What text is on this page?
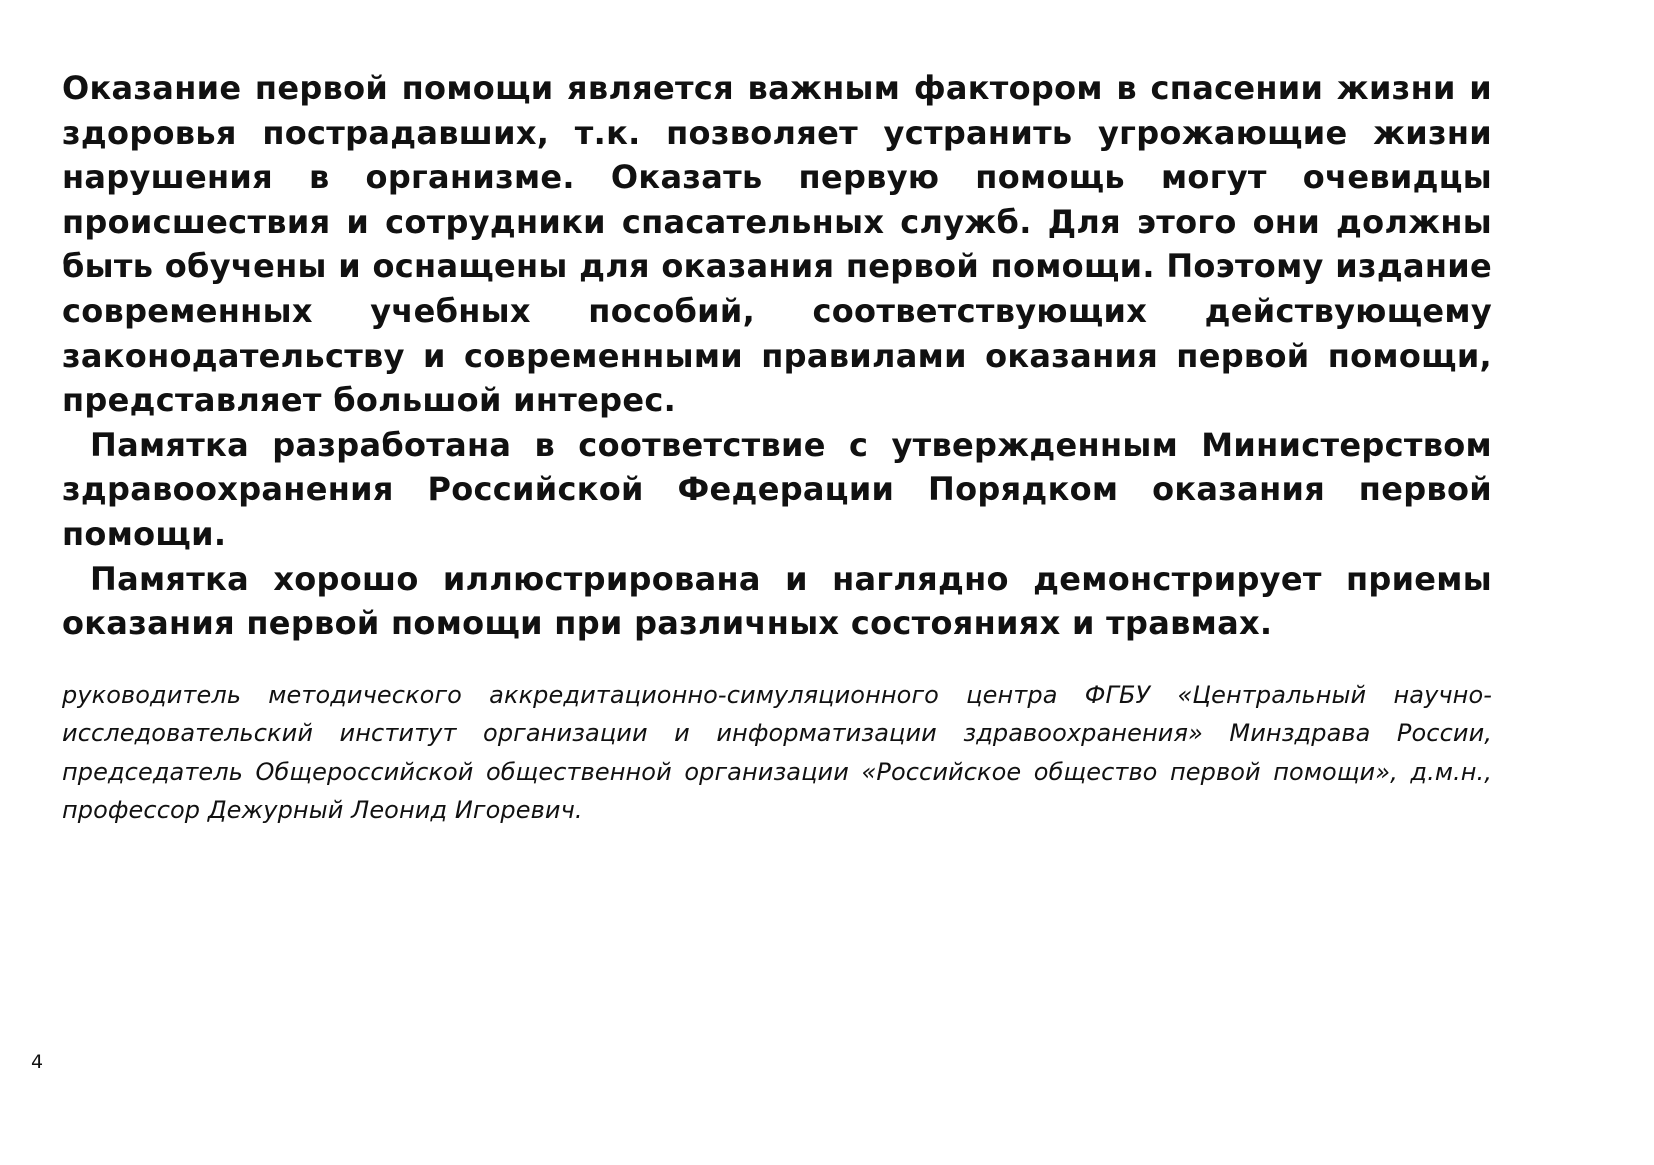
Оказание первой помощи является важным фактором в спасении жизни и здоровья пострадавших, т.к. позволяет устранить угрожающие жизни нарушения в организме. Оказать первую помощь могут очевидцы происшествия и сотрудники спасательных служб. Для этого они должны быть обучены и оснащены для оказания первой помощи. Поэтому издание современных учебных пособий, соответствующих действующему законодательству и современными правилами оказания первой помощи, представляет большой интерес.

Памятка разработана в соответствие с утвержденным Министерством здравоохранения Российской Федерации Порядком оказания первой помощи.

Памятка хорошо иллюстрирована и наглядно демонстрирует приемы оказания первой помощи при различных состояниях и травмах.

руководитель методического аккредитационно-симуляционного центра ФГБУ «Центральный научно-исследовательский институт организации и информатизации здравоохранения» Минздрава России, председатель Общероссийской общественной организации «Российское общество первой помощи», д.м.н., профессор Дежурный Леонид Игоревич.

4
